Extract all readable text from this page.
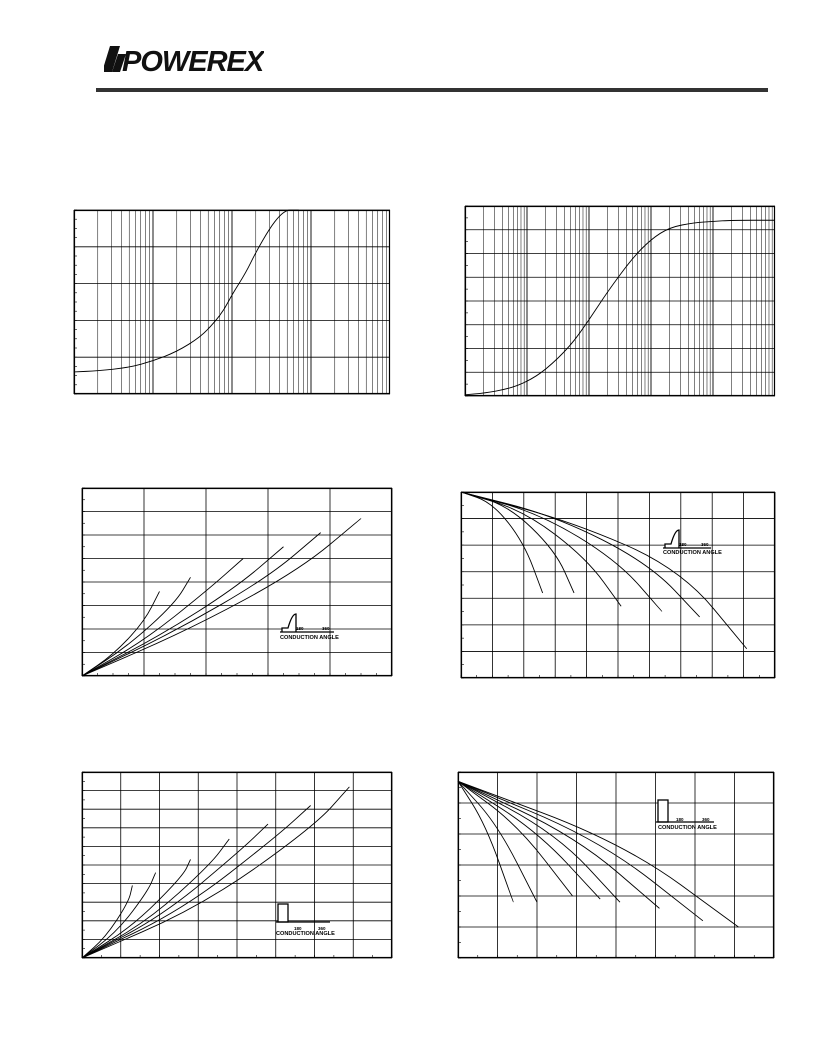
POWEREX
180	360
CONDUCTION ANGLE
180	360
CONDUCTION ANGLE
180	360
CONDUCTION ANGLE
180	360
CONDUCTION ANGLE
